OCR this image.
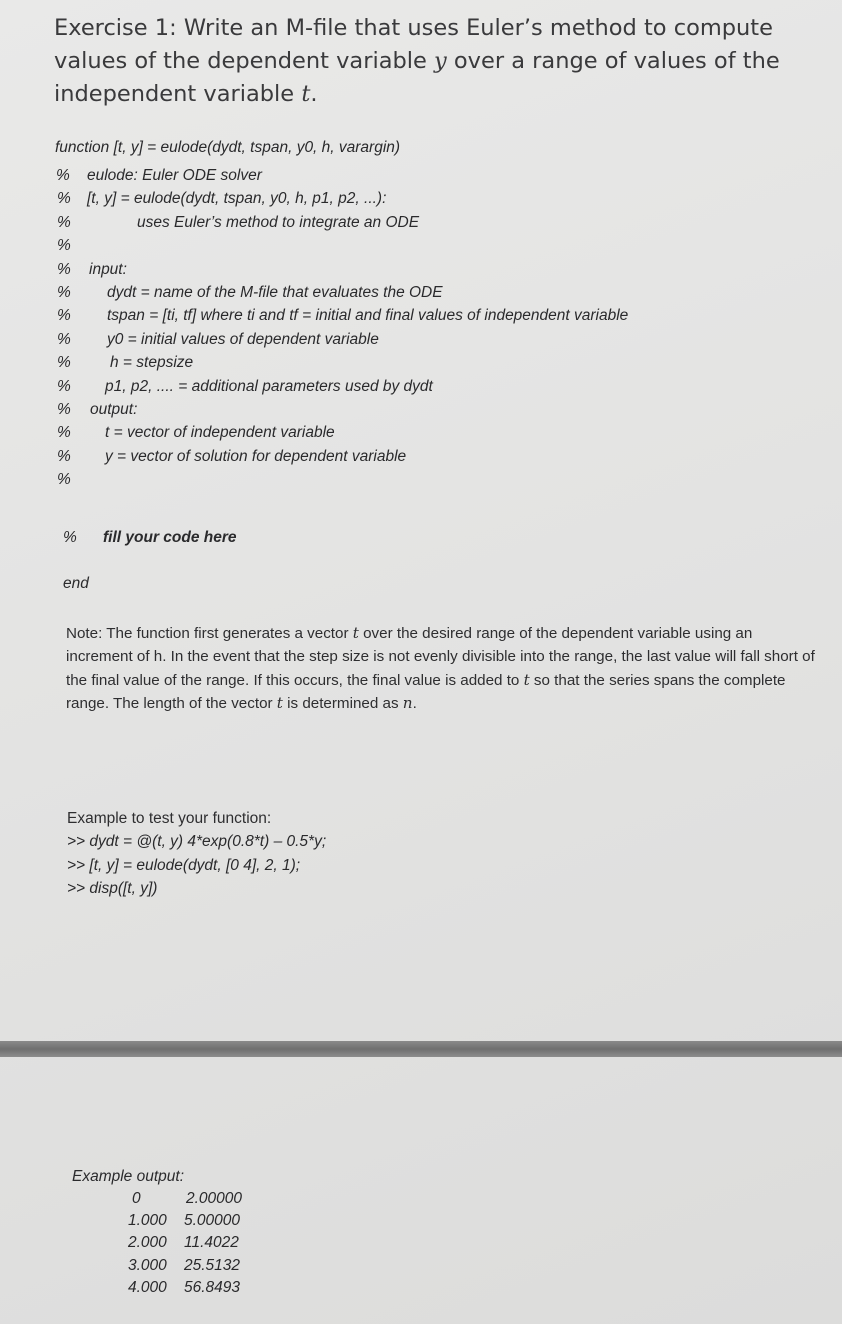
Exercise 1: Write an M-file that uses Euler’s method to compute values of the dependent variable y over a range of values of the independent variable t.

function [t, y] = eulode(dydt, tspan, y0, h, varargin)
%	eulode: Euler ODE solver
%	[t, y] = eulode(dydt, tspan, y0, h, p1, p2, ...):
%	uses Euler’s method to integrate an ODE
%
%	input:
%	dydt = name of the M-file that evaluates the ODE
%	tspan = [ti, tf] where ti and tf = initial and final values of independent variable
%	y0 = initial values of dependent variable
%	h = stepsize
%	p1, p2, .... = additional parameters used by dydt
%	output:
%	t = vector of independent variable
%	y = vector of solution for dependent variable
%
%	fill your code here
end
Note: The function first generates a vector t over the desired range of the dependent variable using an increment of h. In the event that the step size is not evenly divisible into the range, the last value will fall short of the final value of the range. If this occurs, the final value is added to t so that the series spans the complete range. The length of the vector t is determined as n.
Example to test your function:
>> dydt = @(t, y) 4*exp(0.8*t) – 0.5*y;
>> [t, y] = eulode(dydt, [0 4], 2, 1);
>> disp([t, y])
Example output:
0	2.00000
1.000	5.00000
2.000	11.4022
3.000	25.5132
4.000	56.8493
